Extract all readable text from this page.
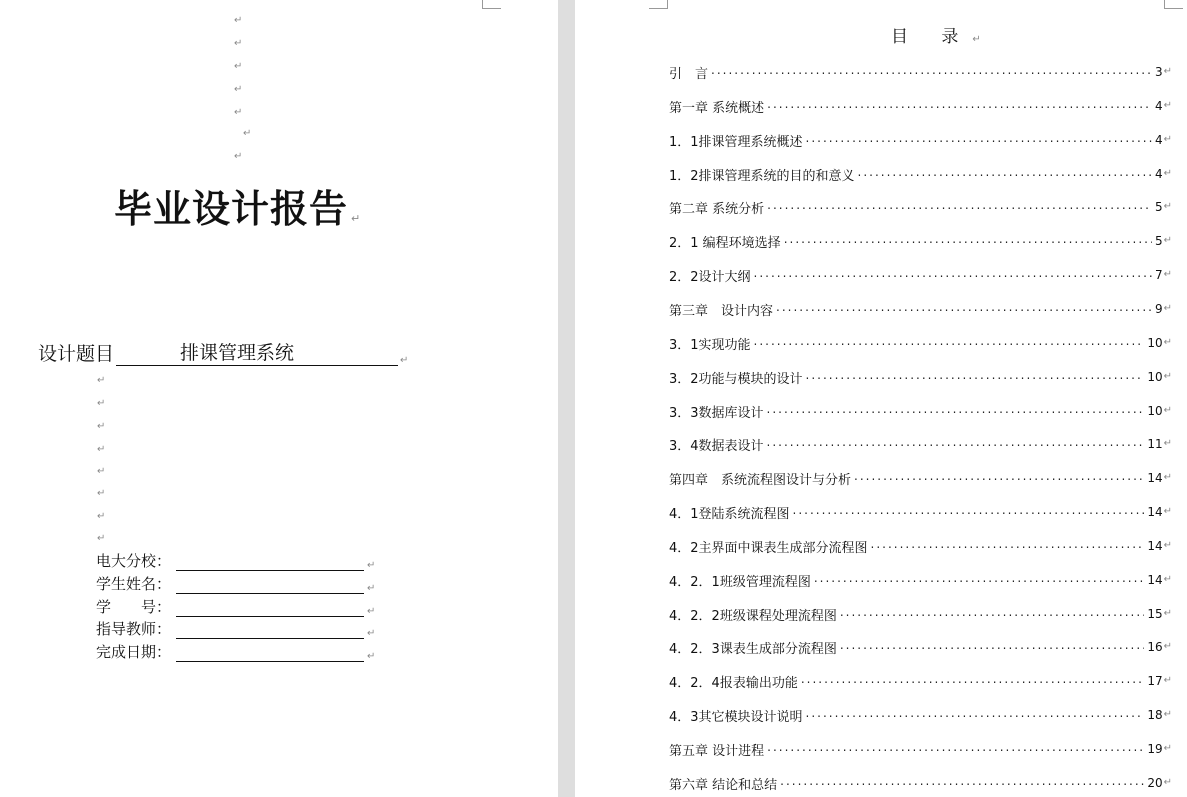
↵
↵
↵
↵
↵
↵
↵
毕业设计报告 ↵
设计题目	排课管理系统	↵
↵
↵
↵
↵
↵
↵
↵
↵
电大分校：	↵
学生姓名：	↵
学　　号：	↵
指导教师：	↵
完成日期：	↵
目 录↵
引　言 .....	3 ↵
第一章 系统概述 .....	4 ↵
1．1排课管理系统概述 .....	4 ↵
1．2排课管理系统的目的和意义 .....	4 ↵
第二章 系统分析 .....	5 ↵
2．1 编程环境选择 .....	5 ↵
2．2设计大纲 .....	7 ↵
第三章　设计内容 .....	9 ↵
3．1实现功能 .....	10 ↵
3．2功能与模块的设计 .....	10 ↵
3．3数据库设计 .....	10 ↵
3．4数据表设计 .....	11 ↵
第四章　系统流程图设计与分析 .....	14 ↵
4．1登陆系统流程图 .....	14 ↵
4．2主界面中课表生成部分流程图 .....	14 ↵
4．2．1班级管理流程图 .....	14 ↵
4．2．2班级课程处理流程图 .....	15 ↵
4．2．3课表生成部分流程图 .....	16 ↵
4．2．4报表输出功能 .....	17 ↵
4．3其它模块设计说明 .....	18 ↵
第五章 设计进程 .....	19 ↵
第六章 结论和总结 .....	20 ↵
